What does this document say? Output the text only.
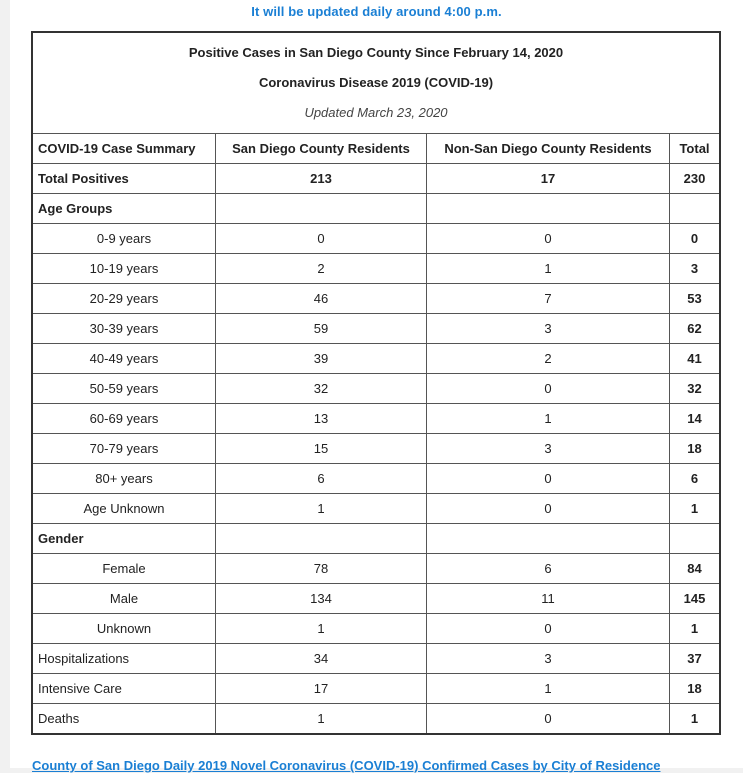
It will be updated daily around 4:00 p.m.
Positive Cases in San Diego County Since February 14, 2020
Coronavirus Disease 2019 (COVID-19)
Updated March 23, 2020			

COVID-19 Case Summary	San Diego County Residents	Non-San Diego County Residents	Total
Total Positives	213	17	230
Age Groups			
0-9 years	0	0	0
10-19 years	2	1	3
20-29 years	46	7	53
30-39 years	59	3	62
40-49 years	39	2	41
50-59 years	32	0	32
60-69 years	13	1	14
70-79 years	15	3	18
80+ years	6	0	6
Age Unknown	1	0	1
Gender			
Female	78	6	84
Male	134	11	145
Unknown	1	0	1
Hospitalizations	34	3	37
Intensive Care	17	1	18
Deaths	1	0	1
County of San Diego Daily 2019 Novel Coronavirus (COVID-19) Confirmed Cases by City of Residence
